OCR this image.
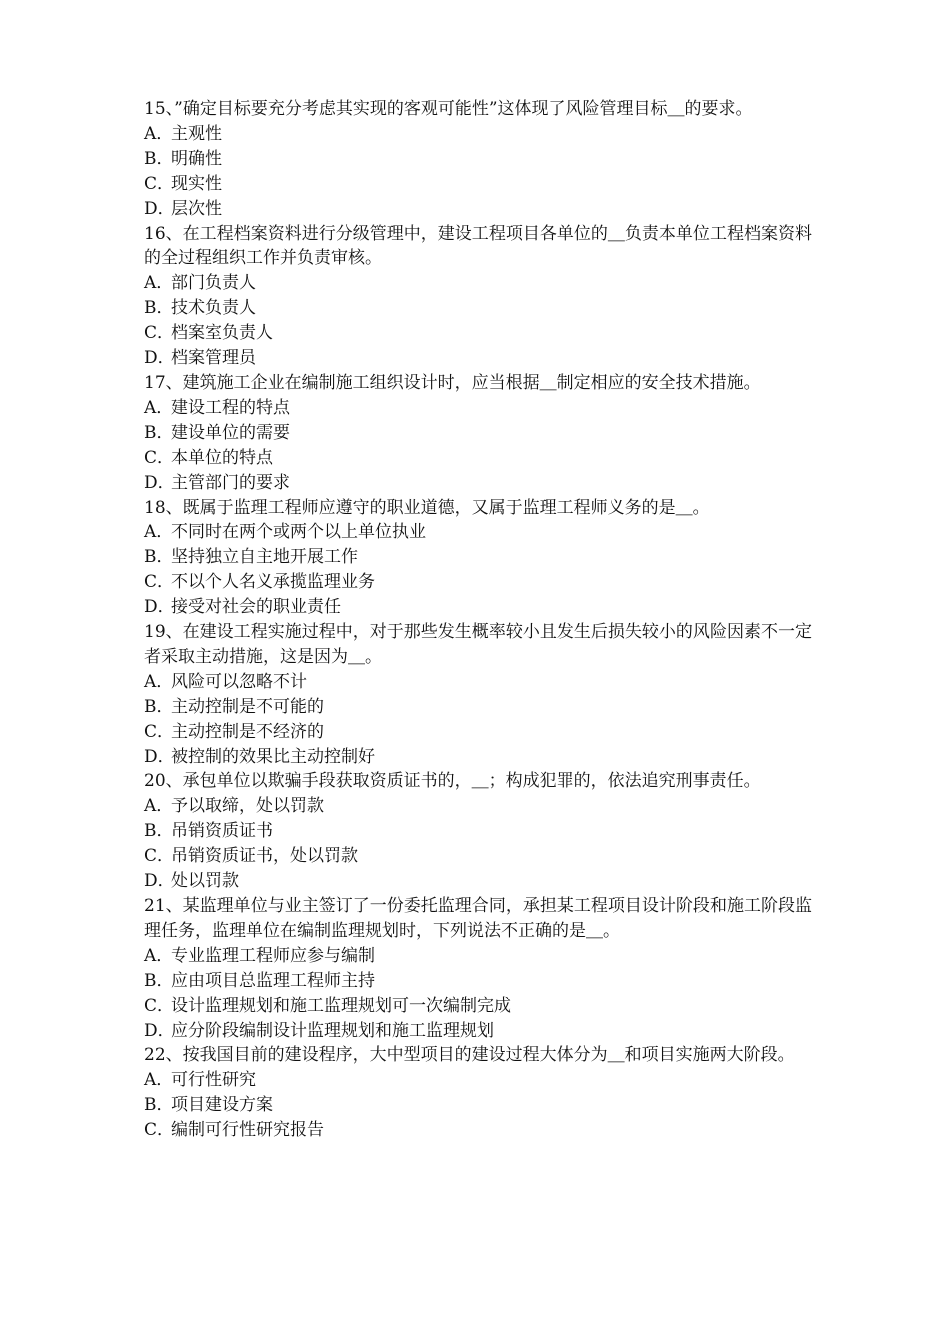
15、”确定目标要充分考虑其实现的客观可能性”这体现了风险管理目标＿的要求。

A．主观性

B．明确性

C．现实性

D．层次性

16、在工程档案资料进行分级管理中，建设工程项目各单位的＿负责本单位工程档案资料的全过程组织工作并负责审核。

A．部门负责人

B．技术负责人

C．档案室负责人

D．档案管理员

17、建筑施工企业在编制施工组织设计时，应当根据＿制定相应的安全技术措施。

A．建设工程的特点

B．建设单位的需要

C．本单位的特点

D．主管部门的要求

18、既属于监理工程师应遵守的职业道德，又属于监理工程师义务的是＿。

A．不同时在两个或两个以上单位执业

B．坚持独立自主地开展工作

C．不以个人名义承揽监理业务

D．接受对社会的职业责任

19、在建设工程实施过程中，对于那些发生概率较小且发生后损失较小的风险因素不一定者采取主动措施，这是因为＿。

A．风险可以忽略不计

B．主动控制是不可能的

C．主动控制是不经济的

D．被控制的效果比主动控制好

20、承包单位以欺骗手段获取资质证书的，＿；构成犯罪的，依法追究刑事责任。

A．予以取缔，处以罚款

B．吊销资质证书

C．吊销资质证书，处以罚款

D．处以罚款

21、某监理单位与业主签订了一份委托监理合同，承担某工程项目设计阶段和施工阶段监理任务，监理单位在编制监理规划时，下列说法不正确的是＿。

A．专业监理工程师应参与编制

B．应由项目总监理工程师主持

C．设计监理规划和施工监理规划可一次编制完成

D．应分阶段编制设计监理规划和施工监理规划

22、按我国目前的建设程序，大中型项目的建设过程大体分为＿和项目实施两大阶段。

A．可行性研究

B．项目建设方案

C．编制可行性研究报告
